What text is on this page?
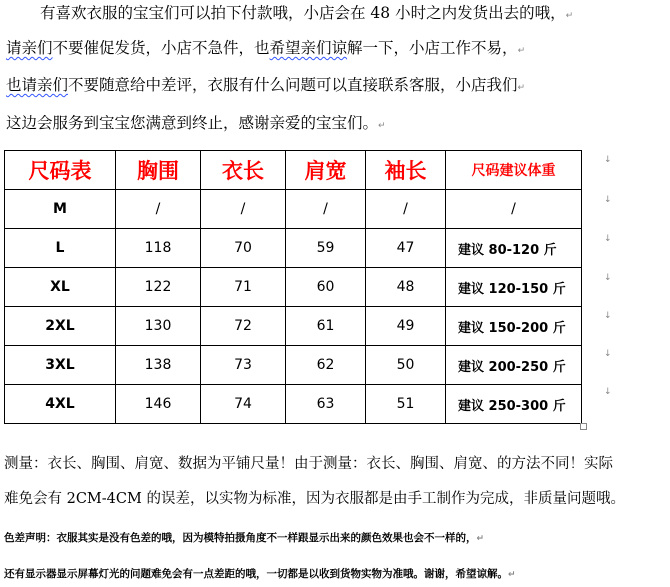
有喜欢衣服的宝宝们可以拍下付款哦，小店会在 48 小时之内发货出去的哦，↵
请亲们不要催促发货，小店不急件，也希望亲们谅解一下，小店工作不易，↵
也请亲们不要随意给中差评，衣服有什么问题可以直接联系客服，小店我们↵
这边会服务到宝宝您满意到终止，感谢亲爱的宝宝们。↵
尺码表	胸围	衣长	肩宽	袖长	尺码建议体重
M	/	/	/	/	/
L	118	70	59	47	建议 80-120 斤
XL	122	71	60	48	建议 120-150 斤
2XL	130	72	61	49	建议 150-200 斤
3XL	138	73	62	50	建议 200-250 斤
4XL	146	74	63	51	建议 250-300 斤
↓
↓
↓
↓
↓
↓
↓
测量：衣长、胸围、肩宽、数据为平铺尺量！由于测量：衣长、胸围、肩宽、的方法不同！实际
难免会有 2CM-4CM 的误差，以实物为标准，因为衣服都是由手工制作为完成，非质量问题哦。
色差声明：衣服其实是没有色差的哦，因为模特拍摄角度不一样跟显示出来的颜色效果也会不一样的，↵
还有显示器显示屏幕灯光的问题难免会有一点差距的哦，一切都是以收到货物实物为准哦。谢谢，希望谅解。↵
